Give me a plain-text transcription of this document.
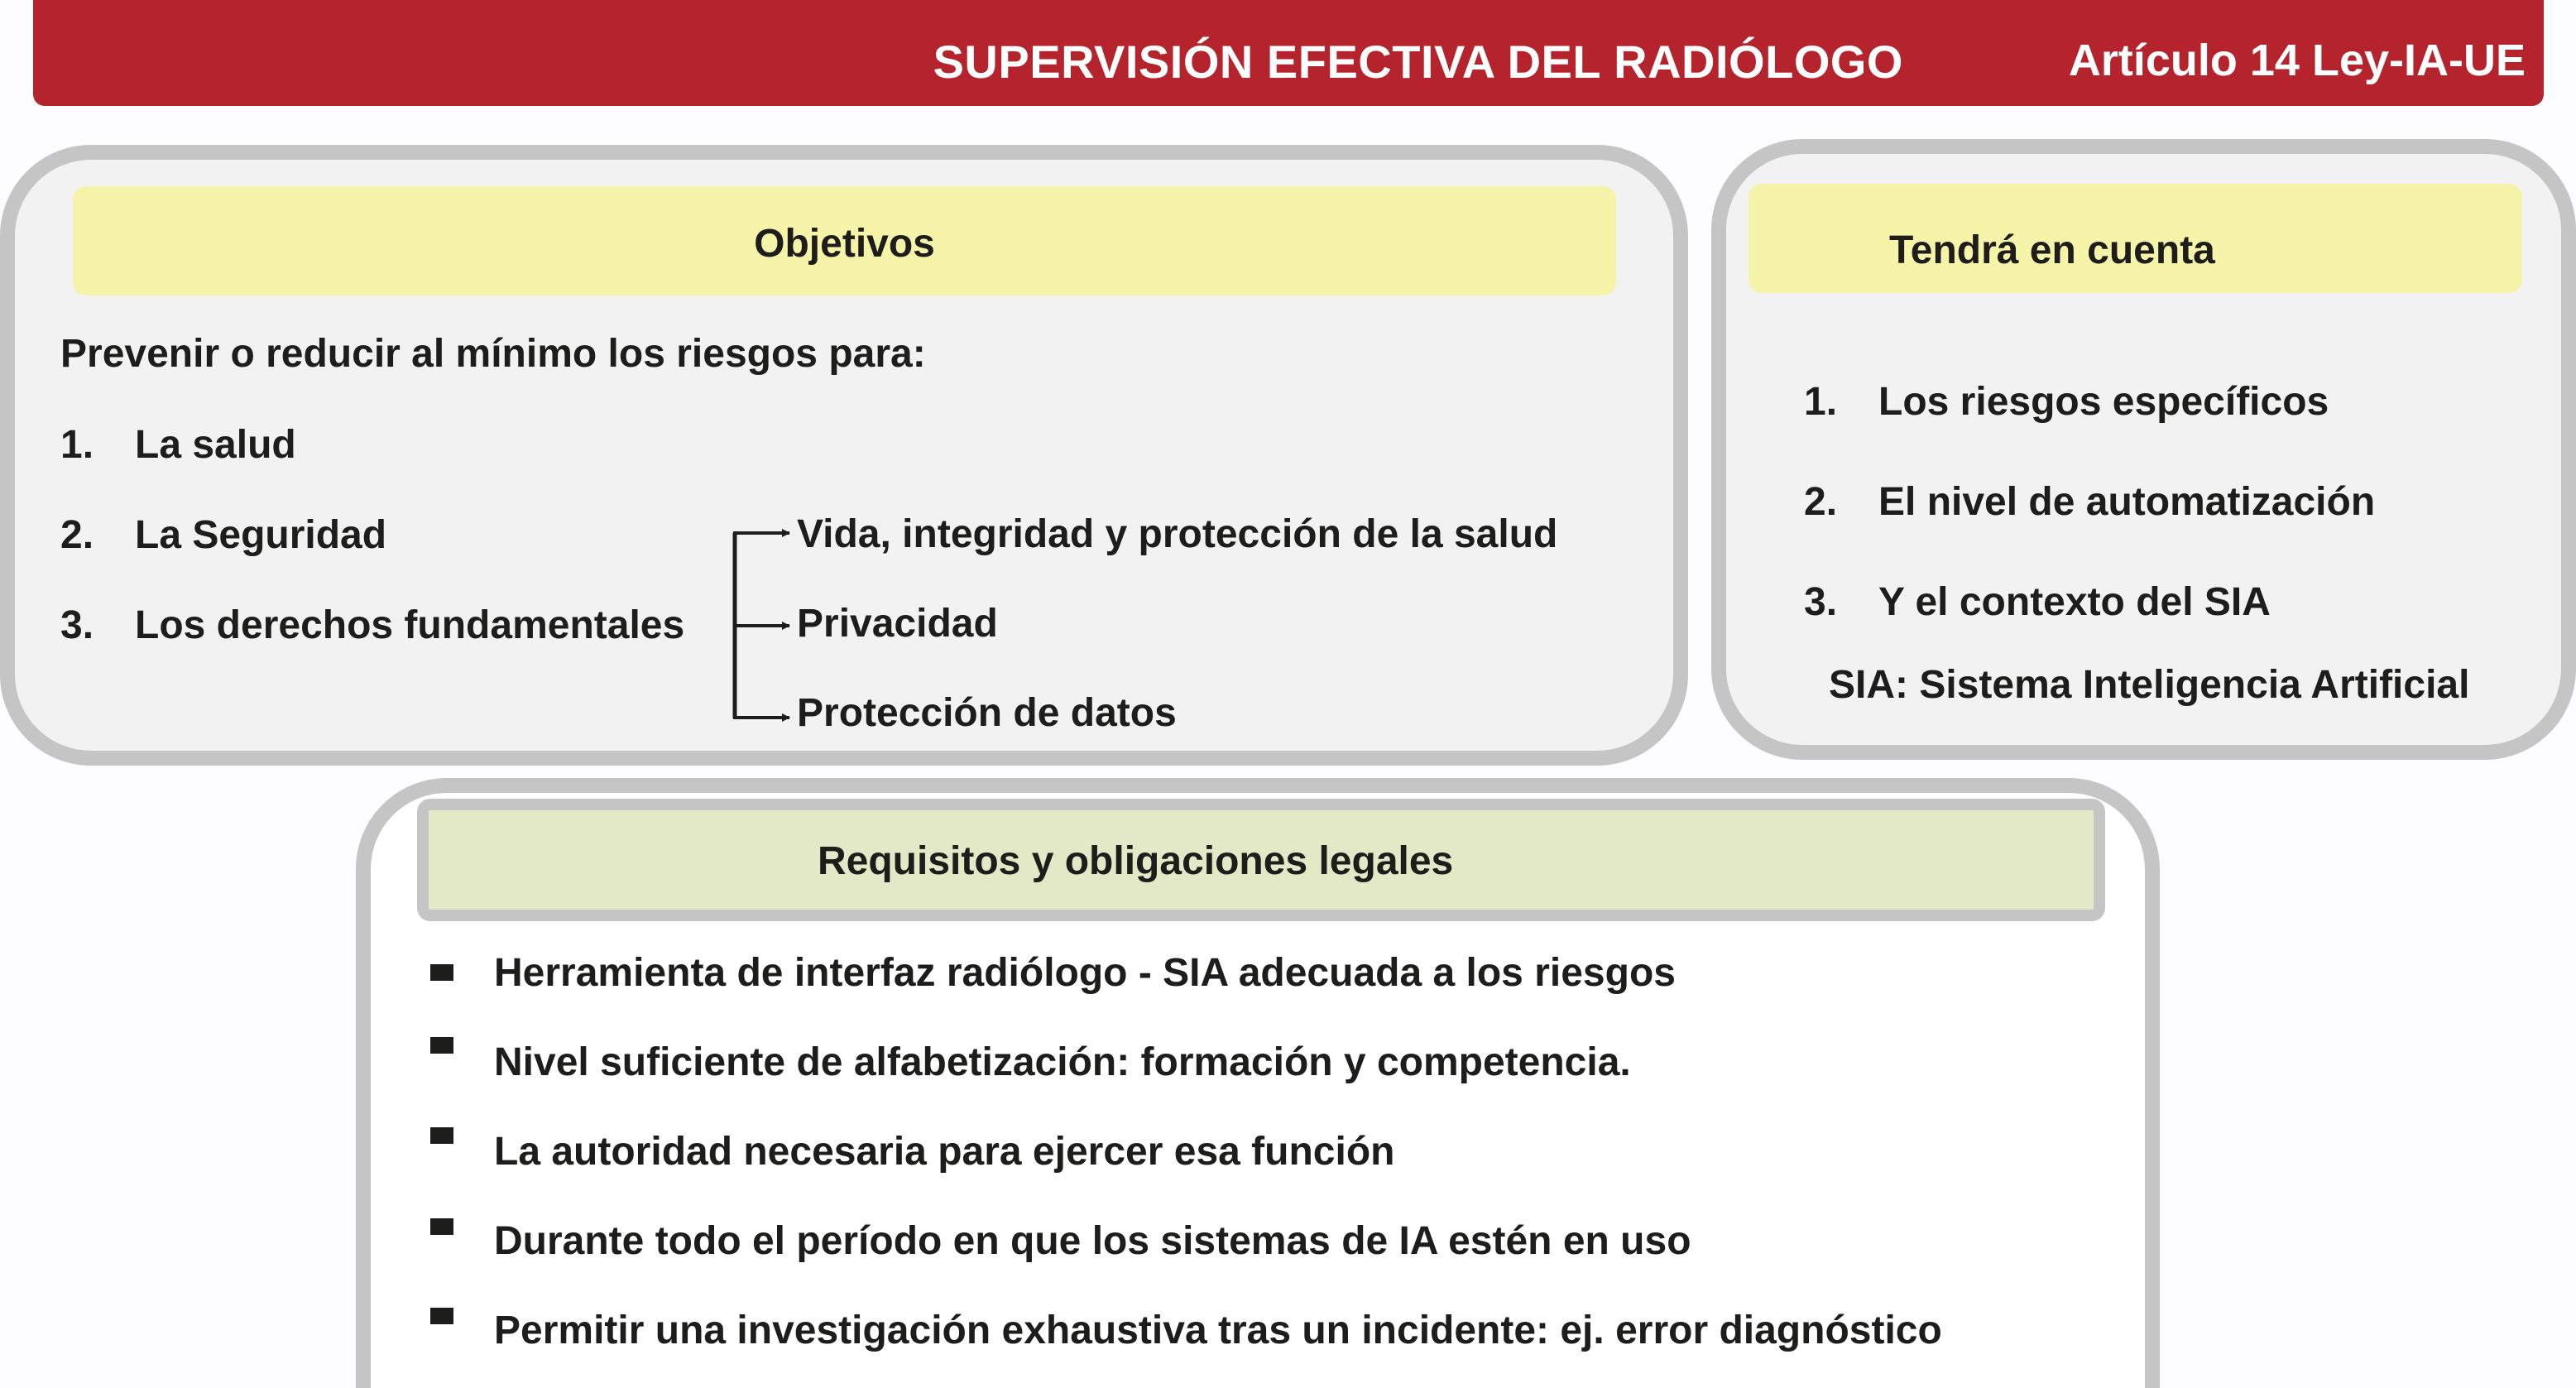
SUPERVISIÓN EFECTIVA DEL RADIÓLOGO	Artículo 14 Ley-IA-UE
Objetivos
Prevenir o reducir al mínimo los riesgos para:
1. La salud
2. La Seguridad
3. Los derechos fundamentales
Vida, integridad y protección de la salud
Privacidad
Protección de datos
Tendrá en cuenta
1. Los riesgos específicos
2. El nivel de automatización
3. Y el contexto del SIA
SIA: Sistema Inteligencia Artificial
Requisitos y obligaciones legales
Herramienta de interfaz radiólogo - SIA adecuada a los riesgos
Nivel suficiente de alfabetización: formación y competencia.
La autoridad necesaria para ejercer esa función
Durante todo el período en que los sistemas de IA estén en uso
Permitir una investigación exhaustiva tras un incidente: ej. error diagnóstico
